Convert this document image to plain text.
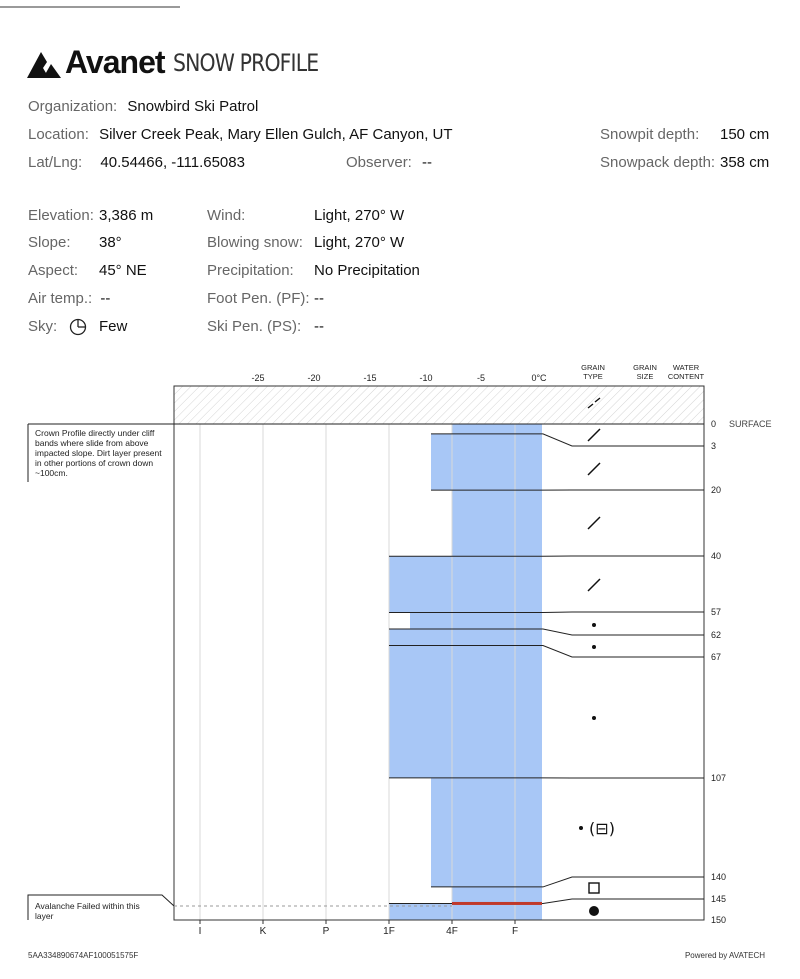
Avanet SNOW PROFILE
Organization: Snowbird Ski Patrol
Location: Silver Creek Peak, Mary Ellen Gulch, AF Canyon, UT
Lat/Lng: 40.54466, -111.65083	Observer: --
Snowpit depth: 150 cm
Snowpack depth: 358 cm
Elevation: 3,386 m
Slope: 38°
Aspect: 45° NE
Air temp.: --
Sky:	Few
Wind:	Light, 270° W
Blowing snow: Light, 270° W
Precipitation: No Precipitation
Foot Pen. (PF): --
Ski Pen. (PS): --
0
3
20
40
57
62
67
107
140
145
150
SURFACE
-25	-20	-15	-10	-5	0°C
I	K	P	1F	4F	F
GRAIN
TYPE
GRAIN
SIZE
WATER
CONTENT
(⊟)
Crown Profile directly under cliff bands where slide from above impacted slope. Dirt layer present in other portions of crown down ~100cm.
Avalanche Failed within this layer
5AA334890674AF100051575F	Powered by AVATECH
